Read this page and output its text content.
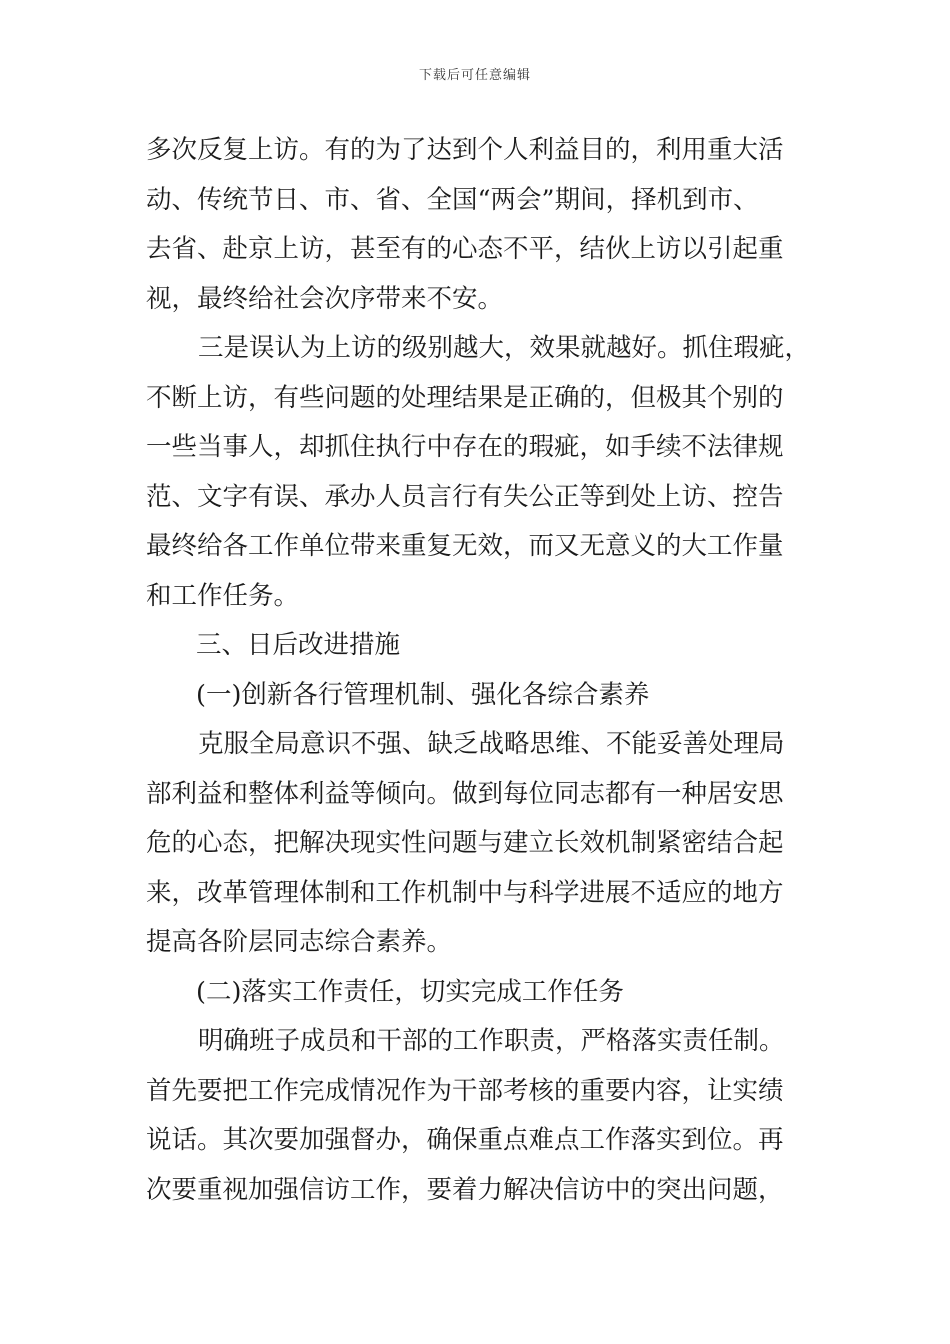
下载后可任意编辑
多次反复上访。有的为了达到个人利益目的，利用重大活
动、传统节日、市、省、全国“两会”期间，择机到市、
去省、赴京上访，甚至有的心态不平，结伙上访以引起重
视，最终给社会次序带来不安。
三是误认为上访的级别越大，效果就越好。抓住瑕疵，
不断上访，有些问题的处理结果是正确的，但极其个别的
一些当事人，却抓住执行中存在的瑕疵，如手续不法律规
范、文字有误、承办人员言行有失公正等到处上访、控告
最终给各工作单位带来重复无效，而又无意义的大工作量
和工作任务。
三、日后改进措施
(一)创新各行管理机制、强化各综合素养
克服全局意识不强、缺乏战略思维、不能妥善处理局
部利益和整体利益等倾向。做到每位同志都有一种居安思
危的心态，把解决现实性问题与建立长效机制紧密结合起
来，改革管理体制和工作机制中与科学进展不适应的地方
提高各阶层同志综合素养。
(二)落实工作责任，切实完成工作任务
明确班子成员和干部的工作职责，严格落实责任制。
首先要把工作完成情况作为干部考核的重要内容，让实绩
说话。其次要加强督办，确保重点难点工作落实到位。再
次要重视加强信访工作，要着力解决信访中的突出问题，
